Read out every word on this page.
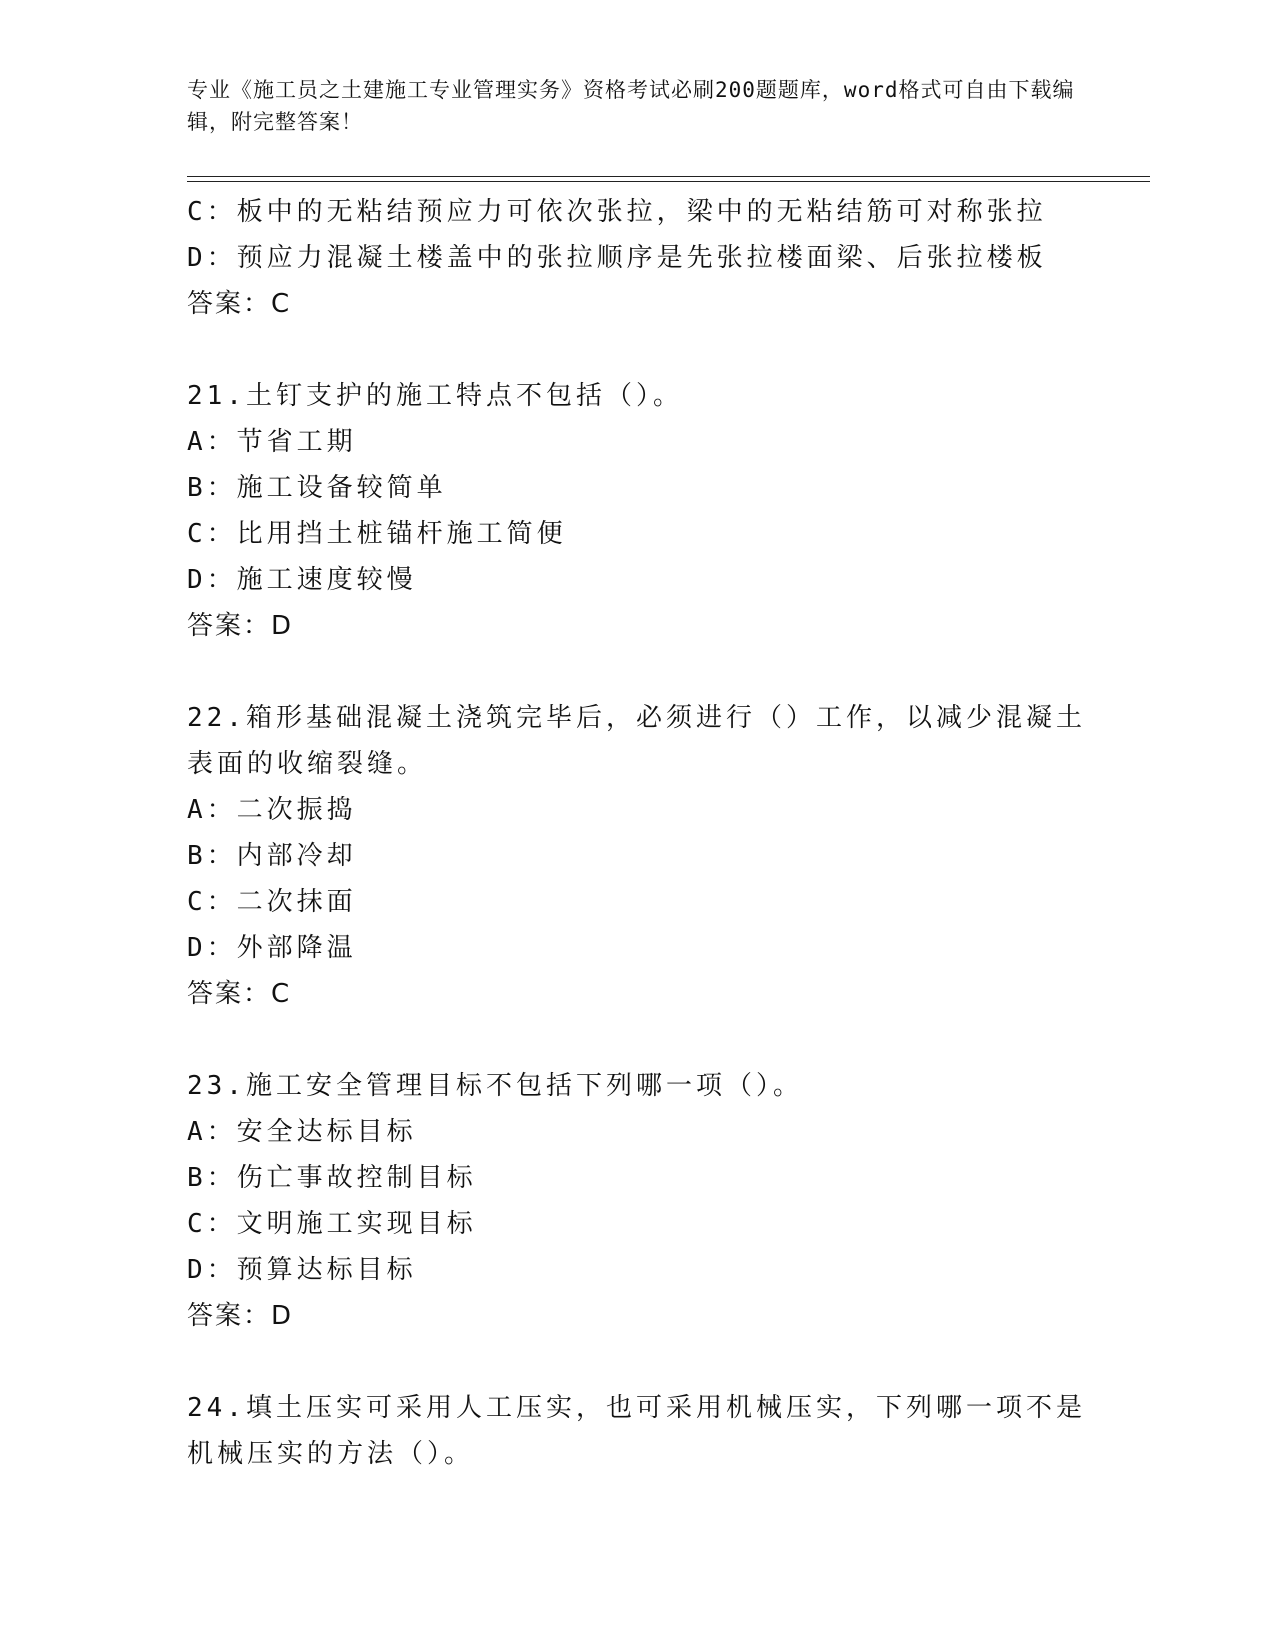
专业《施工员之土建施工专业管理实务》资格考试必刷200题题库，word格式可自由下载编辑，附完整答案！
C：板中的无粘结预应力可依次张拉，梁中的无粘结筋可对称张拉
D：预应力混凝土楼盖中的张拉顺序是先张拉楼面梁、后张拉楼板
答案：C
21.土钉支护的施工特点不包括（）。
A：节省工期
B：施工设备较简单
C：比用挡土桩锚杆施工简便
D：施工速度较慢
答案：D
22.箱形基础混凝土浇筑完毕后，必须进行（）工作，以减少混凝土表面的收缩裂缝。
A：二次振捣
B：内部冷却
C：二次抹面
D：外部降温
答案：C
23.施工安全管理目标不包括下列哪一项（）。
A：安全达标目标
B：伤亡事故控制目标
C：文明施工实现目标
D：预算达标目标
答案：D
24.填土压实可采用人工压实，也可采用机械压实，下列哪一项不是机械压实的方法（）。
